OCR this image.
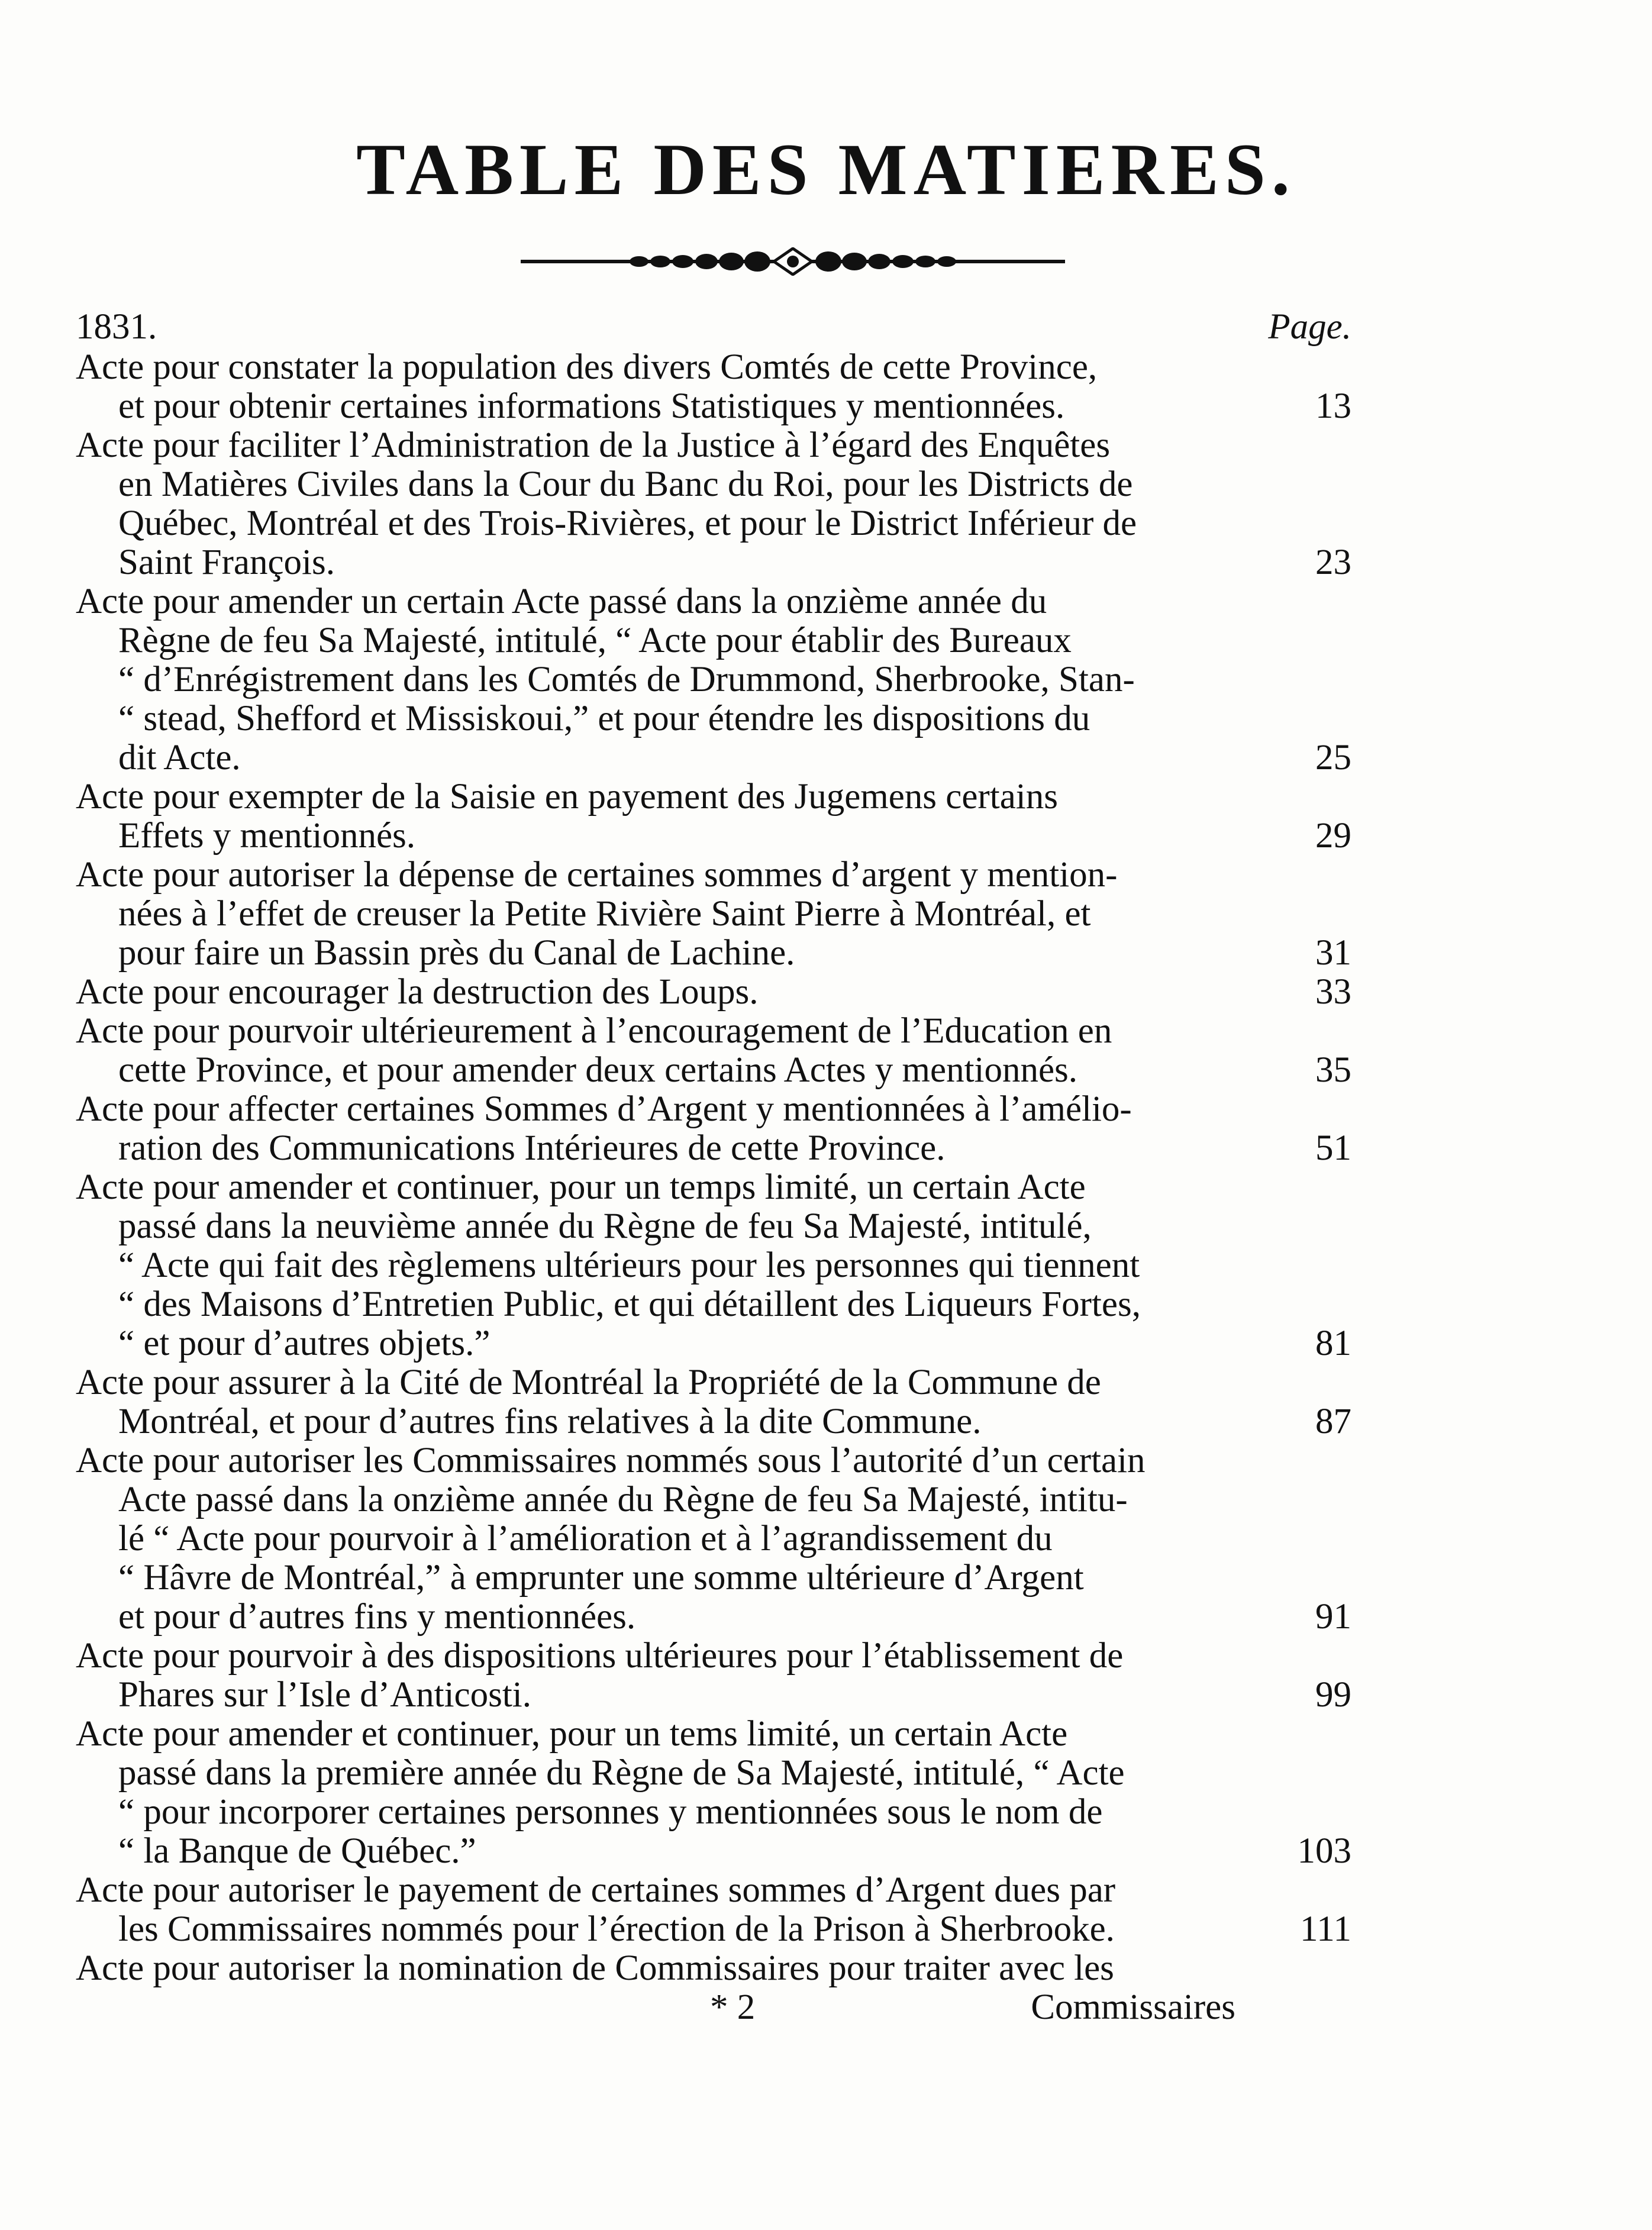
TABLE DES MATIERES.
1831.	Page.
Acte pour constater la population des divers Comtés de cette Province,
et pour obtenir certaines informations Statistiques y mentionnées.	13
Acte pour faciliter l’Administration de la Justice à l’égard des Enquêtes
en Matières Civiles dans la Cour du Banc du Roi, pour les Districts de
Québec, Montréal et des Trois-Rivières, et pour le District Inférieur de
Saint François.	23
Acte pour amender un certain Acte passé dans la onzième année du
Règne de feu Sa Majesté, intitulé, “ Acte pour établir des Bureaux
“ d’Enrégistrement dans les Comtés de Drummond, Sherbrooke, Stan-
“ stead, Shefford et Missiskoui,” et pour étendre les dispositions du
dit Acte.	25
Acte pour exempter de la Saisie en payement des Jugemens certains
Effets y mentionnés.	29
Acte pour autoriser la dépense de certaines sommes d’argent y mention-
nées à l’effet de creuser la Petite Rivière Saint Pierre à Montréal, et
pour faire un Bassin près du Canal de Lachine.	31
Acte pour encourager la destruction des Loups.	33
Acte pour pourvoir ultérieurement à l’encouragement de l’Education en
cette Province, et pour amender deux certains Actes y mentionnés.	35
Acte pour affecter certaines Sommes d’Argent y mentionnées à l’amélio-
ration des Communications Intérieures de cette Province.	51
Acte pour amender et continuer, pour un temps limité, un certain Acte
passé dans la neuvième année du Règne de feu Sa Majesté, intitulé,
“ Acte qui fait des règlemens ultérieurs pour les personnes qui tiennent
“ des Maisons d’Entretien Public, et qui détaillent des Liqueurs Fortes,
“ et pour d’autres objets.”	81
Acte pour assurer à la Cité de Montréal la Propriété de la Commune de
Montréal, et pour d’autres fins relatives à la dite Commune.	87
Acte pour autoriser les Commissaires nommés sous l’autorité d’un certain
Acte passé dans la onzième année du Règne de feu Sa Majesté, intitu-
lé “ Acte pour pourvoir à l’amélioration et à l’agrandissement du
“ Hâvre de Montréal,” à emprunter une somme ultérieure d’Argent
et pour d’autres fins y mentionnées.	91
Acte pour pourvoir à des dispositions ultérieures pour l’établissement de
Phares sur l’Isle d’Anticosti.	99
Acte pour amender et continuer, pour un tems limité, un certain Acte
passé dans la première année du Règne de Sa Majesté, intitulé, “ Acte
“ pour incorporer certaines personnes y mentionnées sous le nom de
“ la Banque de Québec.”	103
Acte pour autoriser le payement de certaines sommes d’Argent dues par
les Commissaires nommés pour l’érection de la Prison à Sherbrooke.	111
Acte pour autoriser la nomination de Commissaires pour traiter avec les
* 2	Commissaires
